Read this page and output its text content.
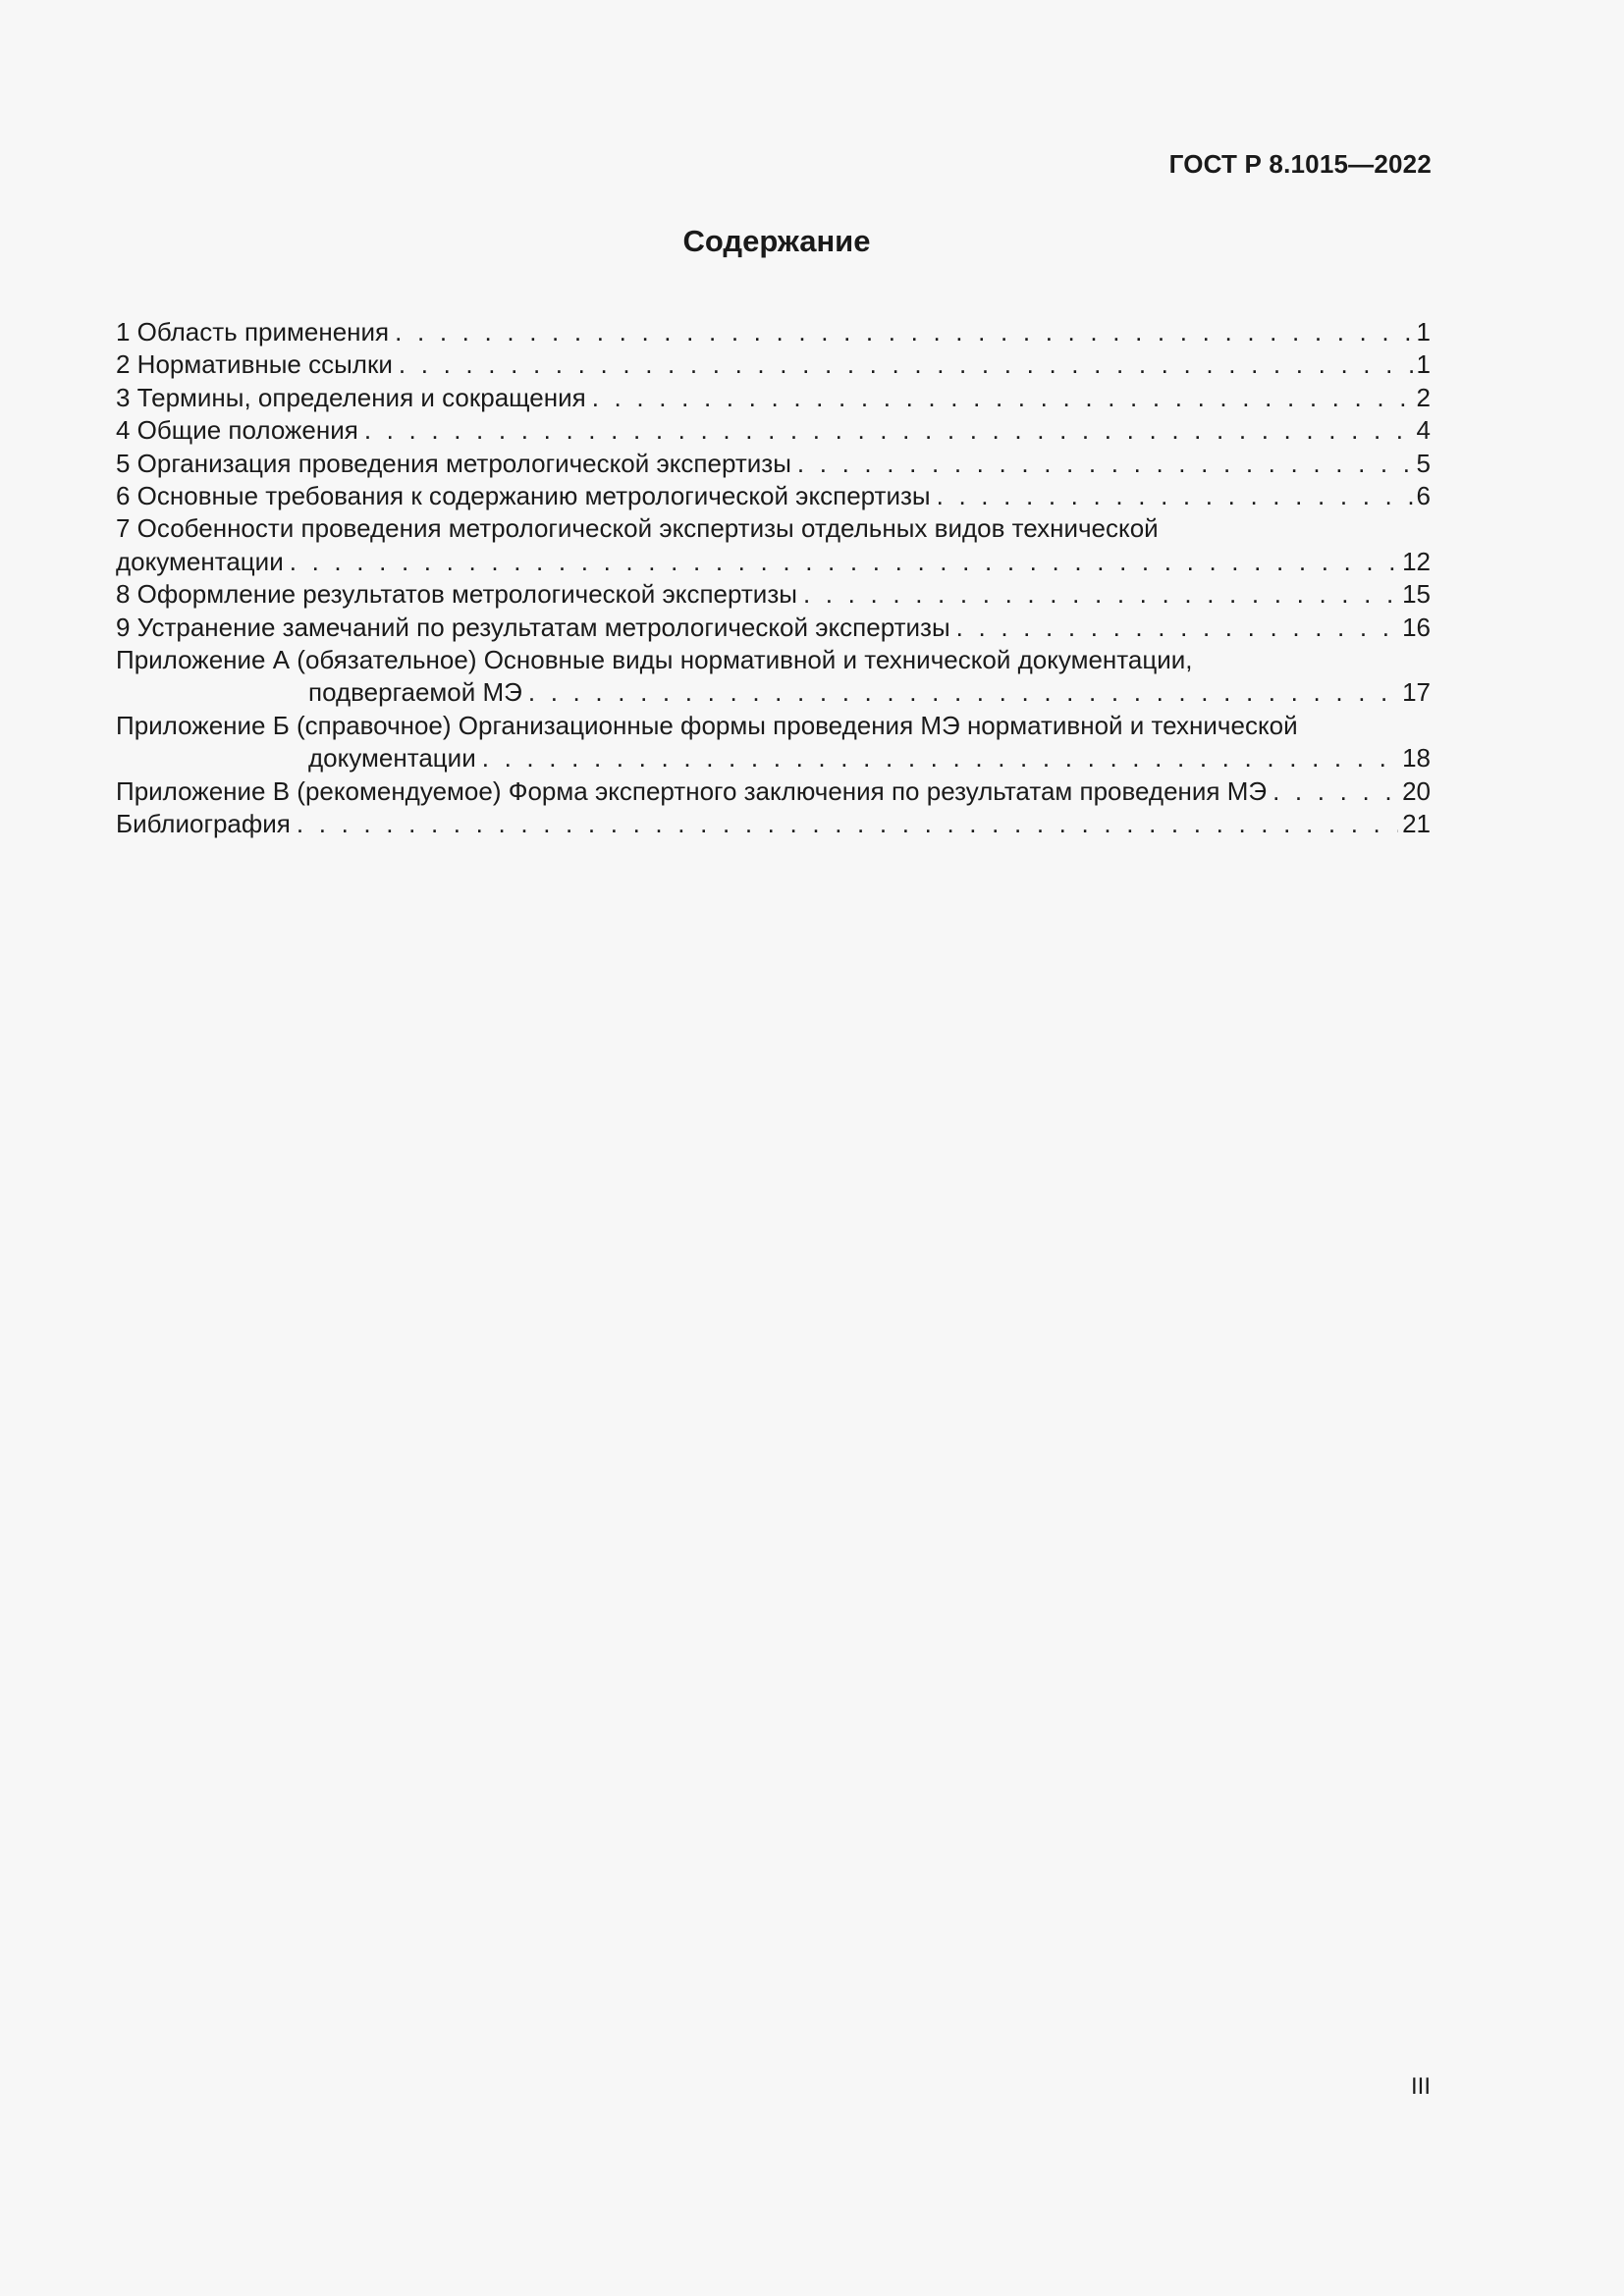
ГОСТ Р 8.1015—2022
Содержание
1 Область применения . . .	1
2 Нормативные ссылки . . .	1
3 Термины, определения и сокращения . . .	2
4 Общие положения . . .	4
5 Организация проведения метрологической экспертизы . . .	5
6 Основные требования к содержанию метрологической экспертизы . . .	6
7 Особенности проведения метрологической экспертизы отдельных видов технической
документации . . .	12
8 Оформление результатов метрологической экспертизы . . .	15
9 Устранение замечаний по результатам метрологической экспертизы . . .	16
Приложение А (обязательное) Основные виды нормативной и технической документации,
подвергаемой МЭ . . .	17
Приложение Б (справочное) Организационные формы проведения МЭ нормативной и технической
документации . . .	18
Приложение В (рекомендуемое) Форма экспертного заключения по результатам проведения МЭ . . .	20
Библиография . . .	21
III
